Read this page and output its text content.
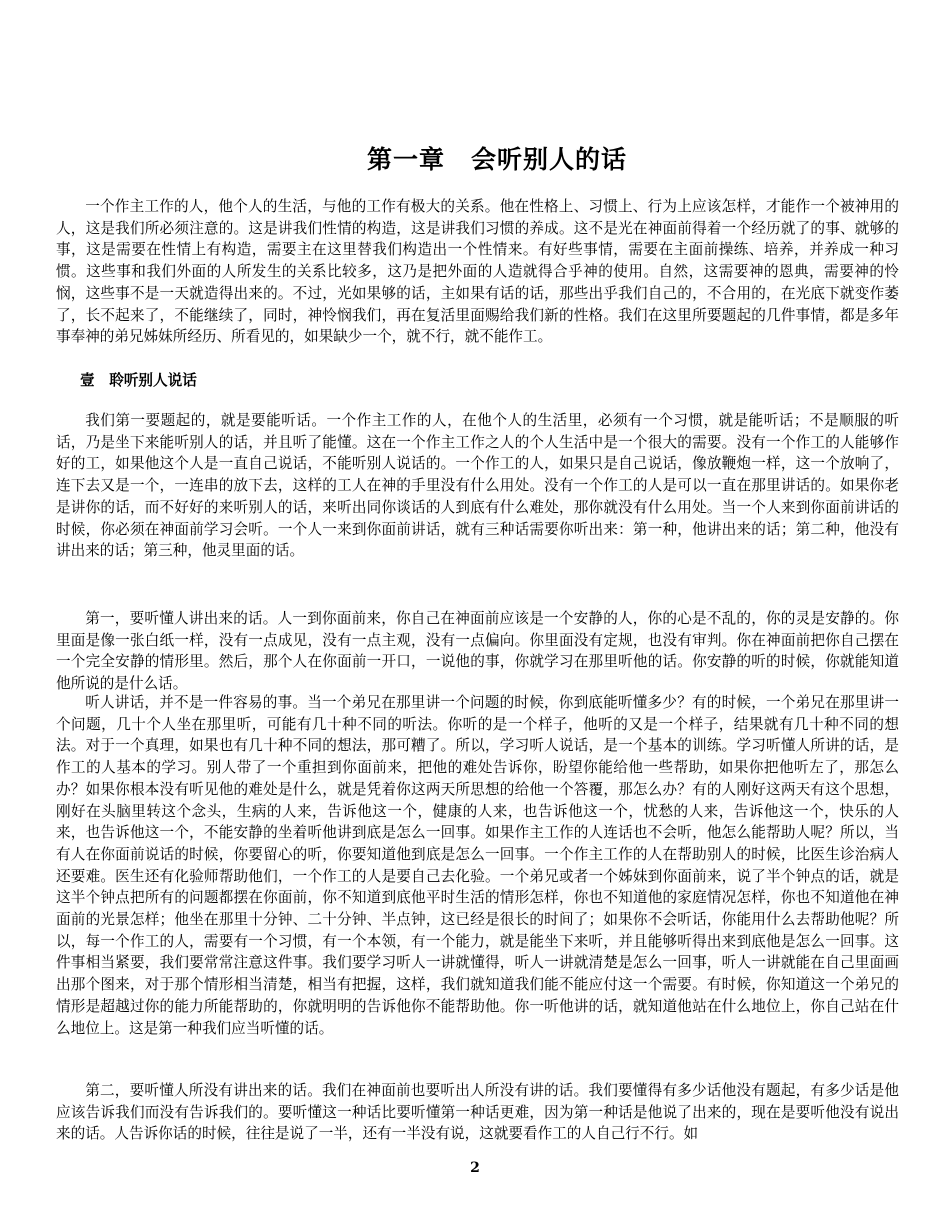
第一章　会听别人的话

一个作主工作的人，他个人的生活，与他的工作有极大的关系。他在性格上、习惯上、行为上应该怎样，才能作一个被神用的人，这是我们所必须注意的。这是讲我们性情的构造，这是讲我们习惯的养成。这不是光在神面前得着一个经历就了的事、就够的事，这是需要在性情上有构造，需要主在这里替我们构造出一个性情来。有好些事情，需要在主面前操练、培养，并养成一种习惯。这些事和我们外面的人所发生的关系比较多，这乃是把外面的人造就得合乎神的使用。自然，这需要神的恩典，需要神的怜悯，这些事不是一天就造得出来的。不过，光如果够的话，主如果有话的话，那些出乎我们自己的，不合用的，在光底下就变作萎了，长不起来了，不能继续了，同时，神怜悯我们，再在复活里面赐给我们新的性格。我们在这里所要题起的几件事情，都是多年事奉神的弟兄姊妹所经历、所看见的，如果缺少一个，就不行，就不能作工。

壹　 聆听别人说话

我们第一要题起的，就是要能听话。一个作主工作的人，在他个人的生活里，必须有一个习惯，就是能听话；不是顺服的听话，乃是坐下来能听别人的话，并且听了能懂。这在一个作主工作之人的个人生活中是一个很大的需要。没有一个作工的人能够作好的工，如果他这个人是一直自己说话，不能听别人说话的。一个作工的人，如果只是自己说话，像放鞭炮一样，这一个放响了，连下去又是一个，一连串的放下去，这样的工人在神的手里没有什么用处。没有一个作工的人是可以一直在那里讲话的。如果你老是讲你的话，而不好好的来听别人的话，来听出同你谈话的人到底有什么难处，那你就没有什么用处。当一个人来到你面前讲话的时候，你必须在神面前学习会听。一个人一来到你面前讲话，就有三种话需要你听出来：第一种，他讲出来的话；第二种，他没有讲出来的话；第三种，他灵里面的话。

第一，要听懂人讲出来的话。人一到你面前来，你自己在神面前应该是一个安静的人，你的心是不乱的，你的灵是安静的。你里面是像一张白纸一样，没有一点成见，没有一点主观，没有一点偏向。你里面没有定规，也没有审判。你在神面前把你自己摆在一个完全安静的情形里。然后，那个人在你面前一开口，一说他的事，你就学习在那里听他的话。你安静的听的时候，你就能知道他所说的是什么话。

听人讲话，并不是一件容易的事。当一个弟兄在那里讲一个问题的时候，你到底能听懂多少？有的时候，一个弟兄在那里讲一个问题，几十个人坐在那里听，可能有几十种不同的听法。你听的是一个样子，他听的又是一个样子，结果就有几十种不同的想法。对于一个真理，如果也有几十种不同的想法，那可糟了。所以，学习听人说话，是一个基本的训练。学习听懂人所讲的话，是作工的人基本的学习。别人带了一个重担到你面前来，把他的难处告诉你，盼望你能给他一些帮助，如果你把他听左了，那怎么办？如果你根本没有听见他的难处是什么，就是凭着你这两天所思想的给他一个答覆，那怎么办？有的人刚好这两天有这个思想，刚好在头脑里转这个念头，生病的人来，告诉他这一个，健康的人来，也告诉他这一个，忧愁的人来，告诉他这一个，快乐的人来，也告诉他这一个，不能安静的坐着听他讲到底是怎么一回事。如果作主工作的人连话也不会听，他怎么能帮助人呢？所以，当有人在你面前说话的时候，你要留心的听，你要知道他到底是怎么一回事。一个作主工作的人在帮助别人的时候，比医生诊治病人还要难。医生还有化验师帮助他们，一个作工的人是要自己去化验。一个弟兄或者一个姊妹到你面前来，说了半个钟点的话，就是这半个钟点把所有的问题都摆在你面前，你不知道到底他平时生活的情形怎样，你也不知道他的家庭情况怎样，你也不知道他在神面前的光景怎样；他坐在那里十分钟、二十分钟、半点钟，这已经是很长的时间了；如果你不会听话，你能用什么去帮助他呢？所以，每一个作工的人，需要有一个习惯，有一个本领，有一个能力，就是能坐下来听，并且能够听得出来到底他是怎么一回事。这件事相当紧要，我们要常常注意这件事。我们要学习听人一讲就懂得，听人一讲就清楚是怎么一回事，听人一讲就能在自己里面画出那个图来，对于那个情形相当清楚，相当有把握，这样，我们就知道我们能不能应付这一个需要。有时候，你知道这一个弟兄的情形是超越过你的能力所能帮助的，你就明明的告诉他你不能帮助他。你一听他讲的话，就知道他站在什么地位上，你自己站在什么地位上。这是第一种我们应当听懂的话。

第二，要听懂人所没有讲出来的话。我们在神面前也要听出人所没有讲的话。我们要懂得有多少话他没有题起，有多少话是他应该告诉我们而没有告诉我们的。要听懂这一种话比要听懂第一种话更难，因为第一种话是他说了出来的，现在是要听他没有说出来的话。人告诉你话的时候，往往是说了一半，还有一半没有说，这就要看作工的人自己行不行。如

2
